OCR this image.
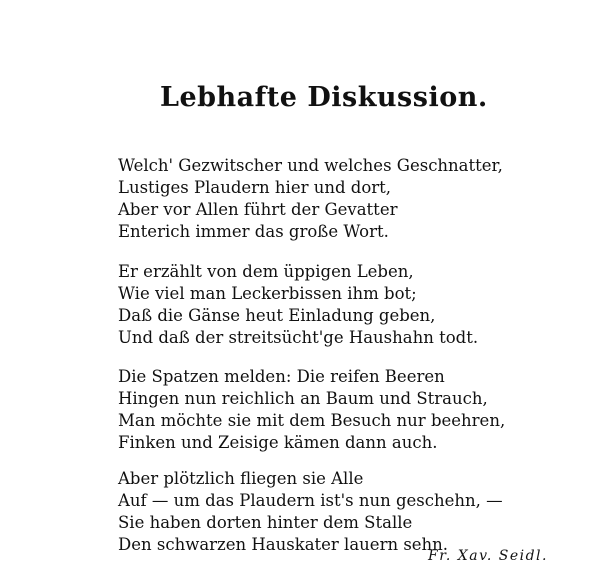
Lebhafte Diskussion.
Welch' Gezwitscher und welches Geschnatter,
Lustiges Plaudern hier und dort,
Aber vor Allen führt der Gevatter
Enterich immer das große Wort.
Er erzählt von dem üppigen Leben,
Wie viel man Leckerbissen ihm bot;
Daß die Gänse heut Einladung geben,
Und daß der streitsücht'ge Haushahn todt.
Die Spatzen melden: Die reifen Beeren
Hingen nun reichlich an Baum und Strauch,
Man möchte sie mit dem Besuch nur beehren,
Finken und Zeisige kämen dann auch.
Aber plötzlich fliegen sie Alle
Auf — um das Plaudern ist's nun geschehn, —
Sie haben dorten hinter dem Stalle
Den schwarzen Hauskater lauern sehn.
Fr. Xav. Seidl.
